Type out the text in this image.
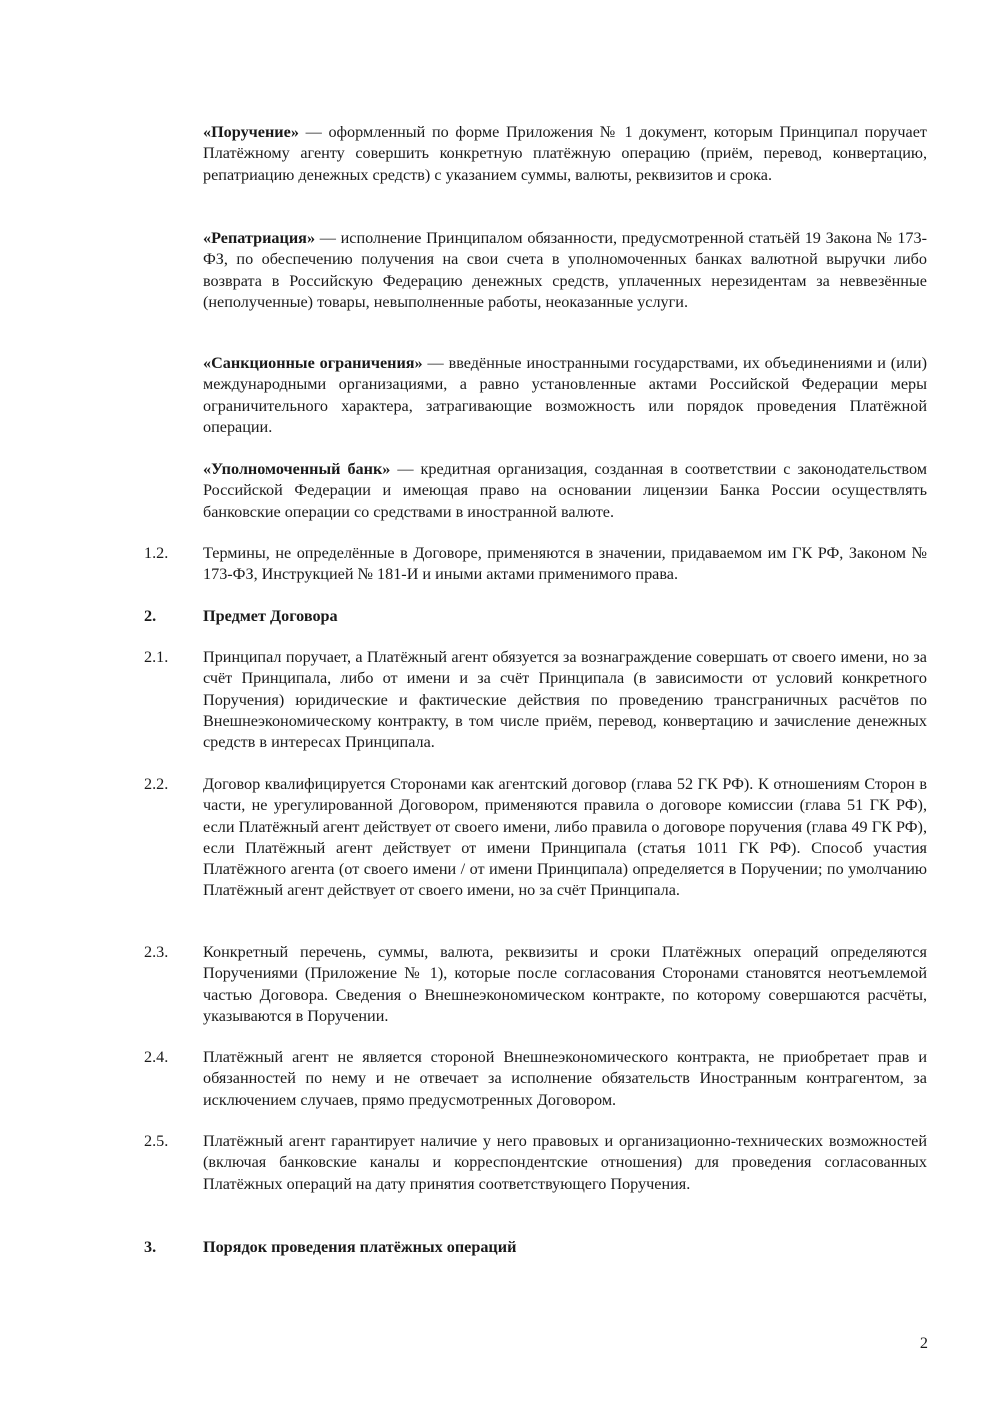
«Поручение» — оформленный по форме Приложения № 1 документ, которым Принципал поручает Платёжному агенту совершить конкретную платёжную операцию (приём, перевод, конвертацию, репатриацию денежных средств) с указанием суммы, валюты, реквизитов и срока.

«Репатриация» — исполнение Принципалом обязанности, предусмотренной статьёй 19 Закона № 173-ФЗ, по обеспечению получения на свои счета в уполномоченных банках валютной выручки либо возврата в Российскую Федерацию денежных средств, уплаченных нерезидентам за неввезённые (неполученные) товары, невыполненные работы, неоказанные услуги.

«Санкционные ограничения» — введённые иностранными государствами, их объединениями и (или) международными организациями, а равно установленные актами Российской Федерации меры ограничительного характера, затрагивающие возможность или порядок проведения Платёжной операции.

«Уполномоченный банк» — кредитная организация, созданная в соответствии с законодательством Российской Федерации и имеющая право на основании лицензии Банка России осуществлять банковские операции со средствами в иностранной валюте.

1.2. Термины, не определённые в Договоре, применяются в значении, придаваемом им ГК РФ, Законом № 173-ФЗ, Инструкцией № 181-И и иными актами применимого права.

2.	Предмет Договора

2.1. Принципал поручает, а Платёжный агент обязуется за вознаграждение совершать от своего имени, но за счёт Принципала, либо от имени и за счёт Принципала (в зависимости от условий конкретного Поручения) юридические и фактические действия по проведению трансграничных расчётов по Внешнеэкономическому контракту, в том числе приём, перевод, конвертацию и зачисление денежных средств в интересах Принципала.

2.2. Договор квалифицируется Сторонами как агентский договор (глава 52 ГК РФ). К отношениям Сторон в части, не урегулированной Договором, применяются правила о договоре комиссии (глава 51 ГК РФ), если Платёжный агент действует от своего имени, либо правила о договоре поручения (глава 49 ГК РФ), если Платёжный агент действует от имени Принципала (статья 1011 ГК РФ). Способ участия Платёжного агента (от своего имени / от имени Принципала) определяется в Поручении; по умолчанию Платёжный агент действует от своего имени, но за счёт Принципала.

2.3. Конкретный перечень, суммы, валюта, реквизиты и сроки Платёжных операций определяются Поручениями (Приложение № 1), которые после согласования Сторонами становятся неотъемлемой частью Договора. Сведения о Внешнеэкономическом контракте, по которому совершаются расчёты, указываются в Поручении.

2.4. Платёжный агент не является стороной Внешнеэкономического контракта, не приобретает прав и обязанностей по нему и не отвечает за исполнение обязательств Иностранным контрагентом, за исключением случаев, прямо предусмотренных Договором.

2.5. Платёжный агент гарантирует наличие у него правовых и организационно-технических возможностей (включая банковские каналы и корреспондентские отношения) для проведения согласованных Платёжных операций на дату принятия соответствующего Поручения.

3.	Порядок проведения платёжных операций

2
